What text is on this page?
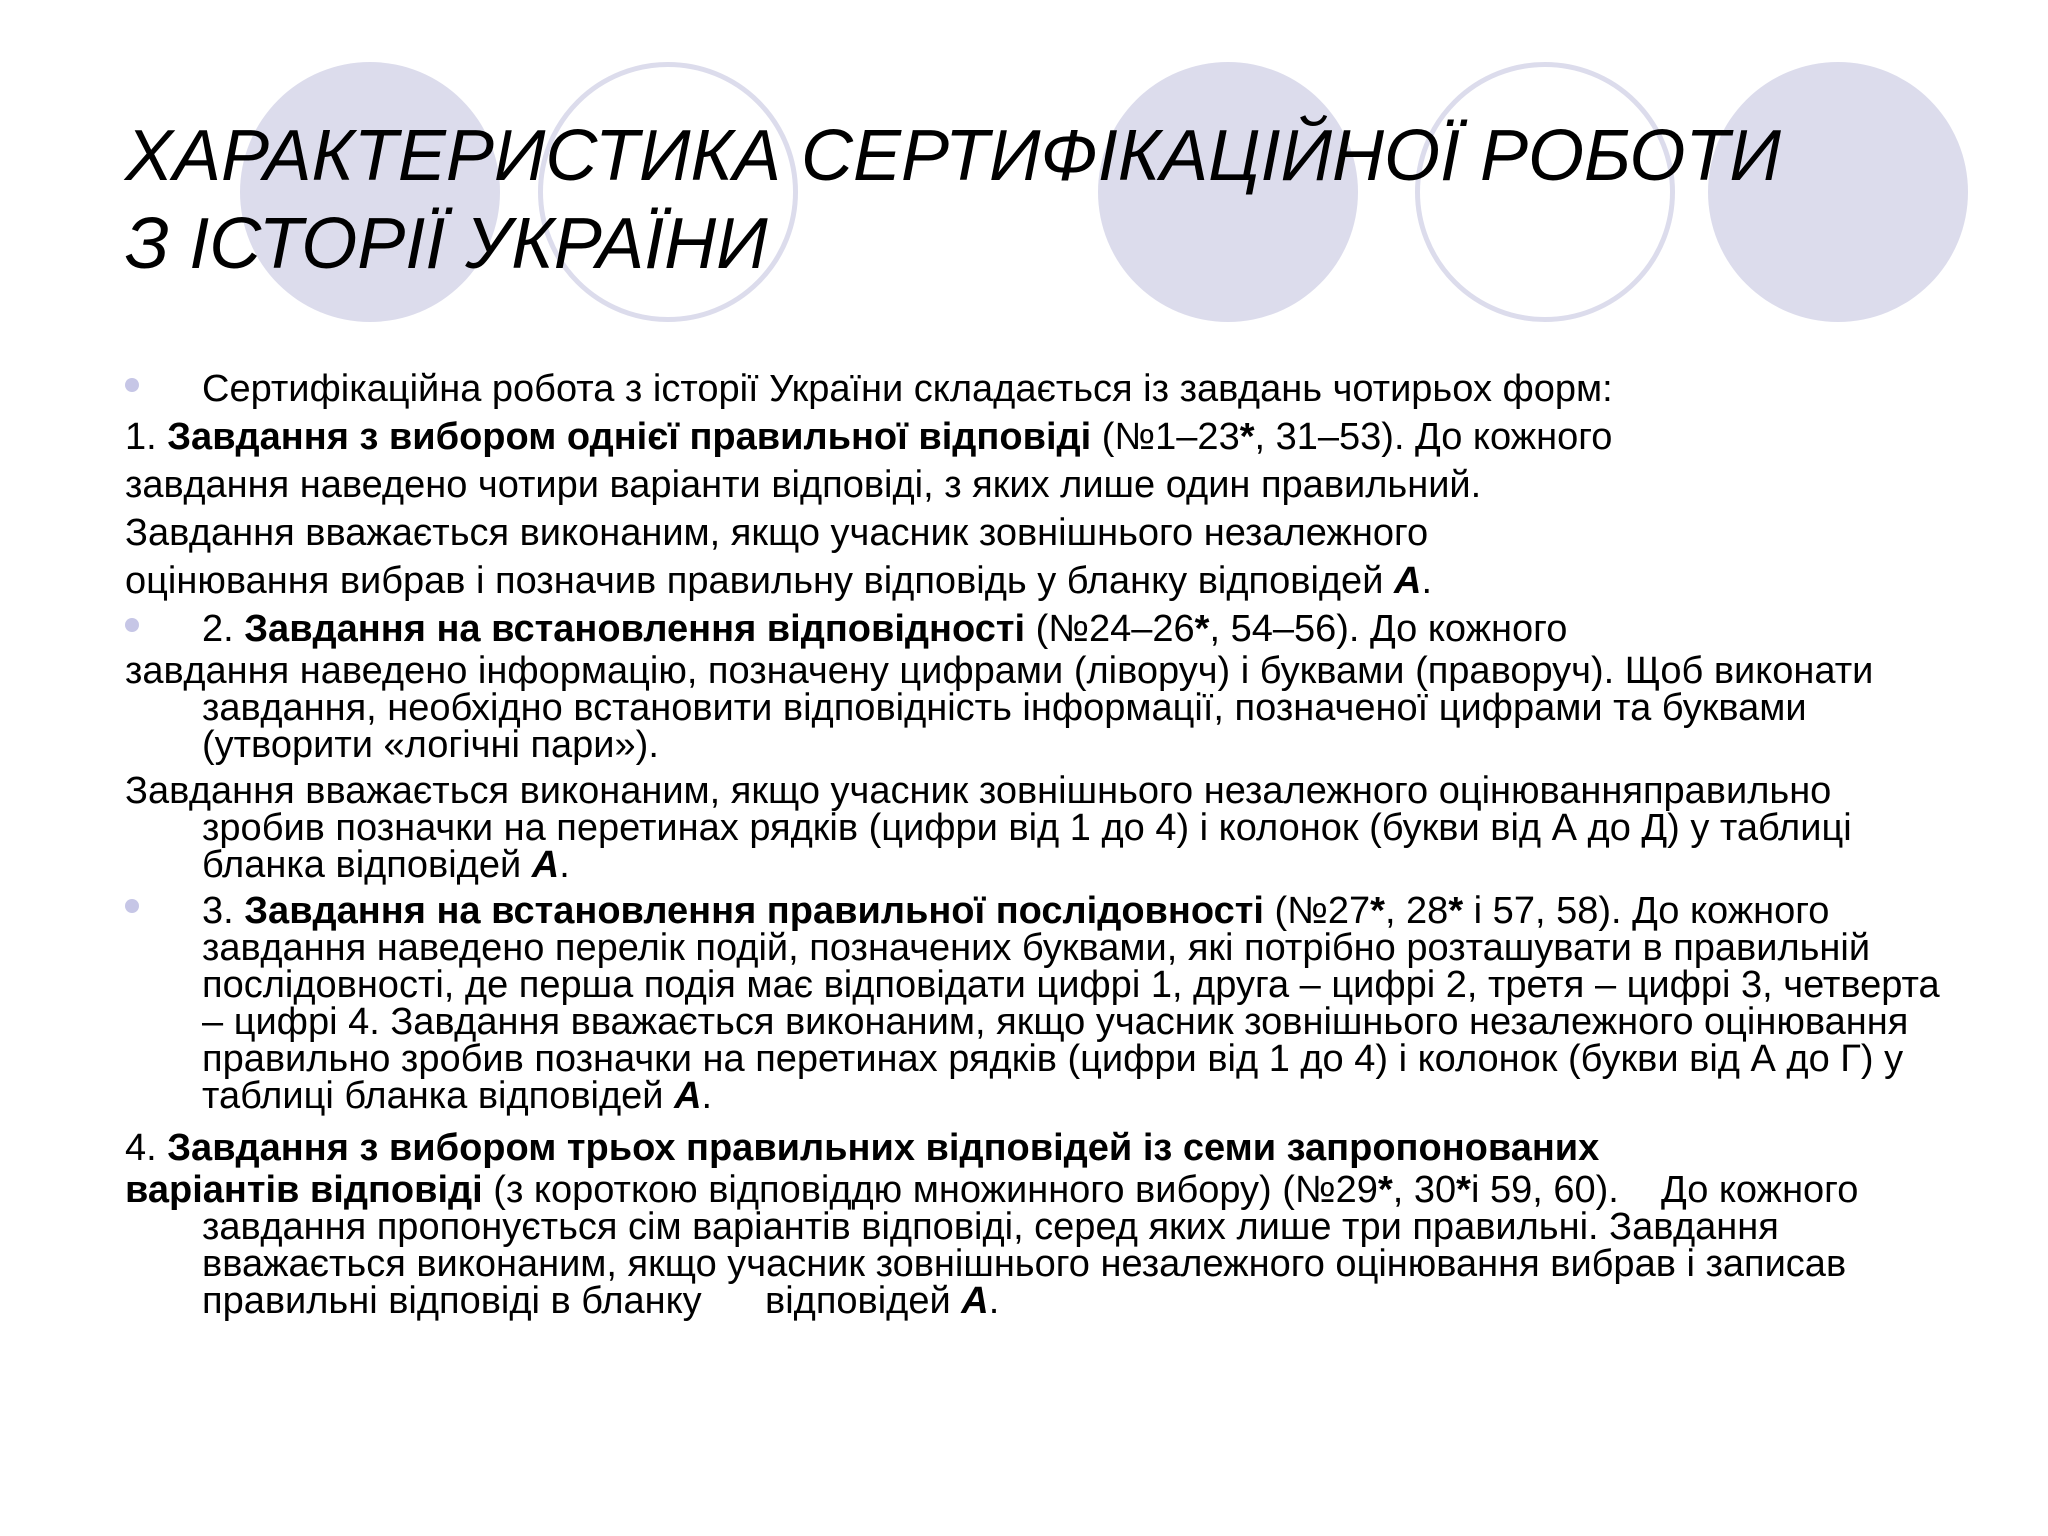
ХАРАКТЕРИСТИКА СЕРТИФІКАЦІЙНОЇ РОБОТИ
З ІСТОРІЇ УКРАЇНИ

Сертифікаційна робота з історії України складається із завдань чотирьох форм:

1. Завдання з вибором однієї правильної відповіді (№1–23*, 31–53). До кожного

завдання наведено чотири варіанти відповіді, з яких лише один правильний.

Завдання вважається виконаним, якщо учасник зовнішнього незалежного

оцінювання вибрав і позначив правильну відповідь у бланку відповідей А.

2. Завдання на встановлення відповідності (№24–26*, 54–56). До кожного

завдання наведено інформацію, позначену цифрами (ліворуч) і буквами (праворуч). Щоб виконати завдання, необхідно встановити відповідність інформації, позначеної цифрами та буквами (утворити «логічні пари»).

Завдання вважається виконаним, якщо учасник зовнішнього незалежного оцінюванняправильно зробив позначки на перетинах рядків (цифри від 1 до 4) і колонок (букви від А до Д) у таблиці бланка відповідей А.

3. Завдання на встановлення правильної послідовності (№27*, 28* і 57, 58). До кожного завдання наведено перелік подій, позначених буквами, які потрібно розташувати в правильній послідовності, де перша подія має відповідати цифрі 1, друга – цифрі 2, третя – цифрі 3, четверта – цифрі 4. Завдання вважається виконаним, якщо учасник зовнішнього незалежного оцінювання правильно зробив позначки на перетинах рядків (цифри від 1 до 4) і колонок (букви від А до Г) у таблиці бланка відповідей А.

4. Завдання з вибором трьох правильних відповідей із семи запропонованих

варіантів відповіді (з короткою відповіддю множинного вибору) (№29*, 30*і 59, 60).    До кожного завдання пропонується сім варіантів відповіді, серед яких лише три правильні. Завдання вважається виконаним, якщо учасник зовнішнього незалежного оцінювання вибрав і записав правильні відповіді в бланку      відповідей А.
